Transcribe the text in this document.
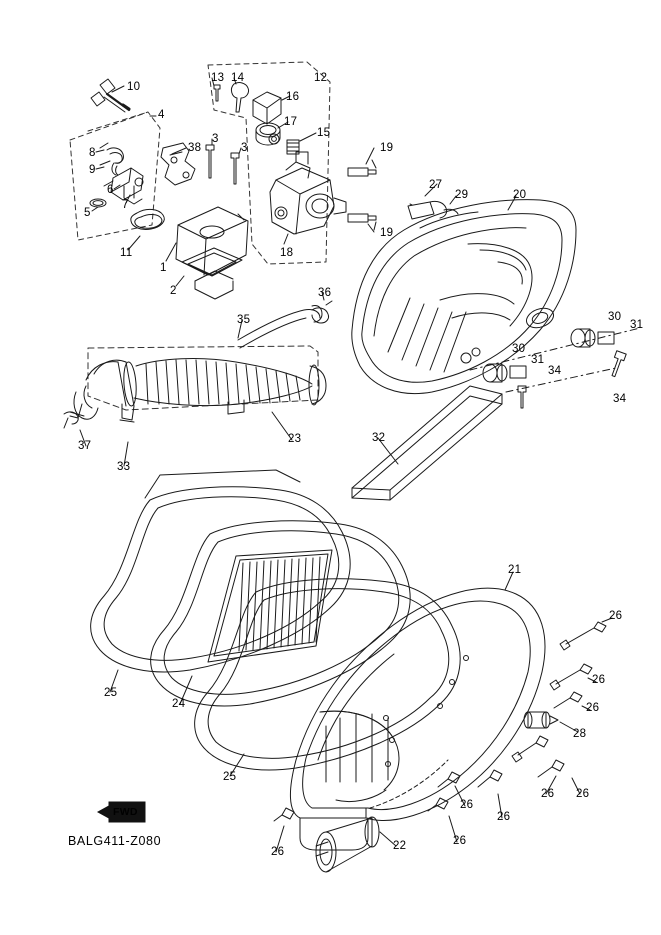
FWD
BALG411-Z080
10
13 14	12
16
4
17
15
38
3
3
8
9
19
6
5
7
27
29	20
19
11	18
1
2	36
30
31
35
30
31
34
34
23	32
33
37
21
26
26
26
28
25
24
25
26 26
26
26
26
26	22
